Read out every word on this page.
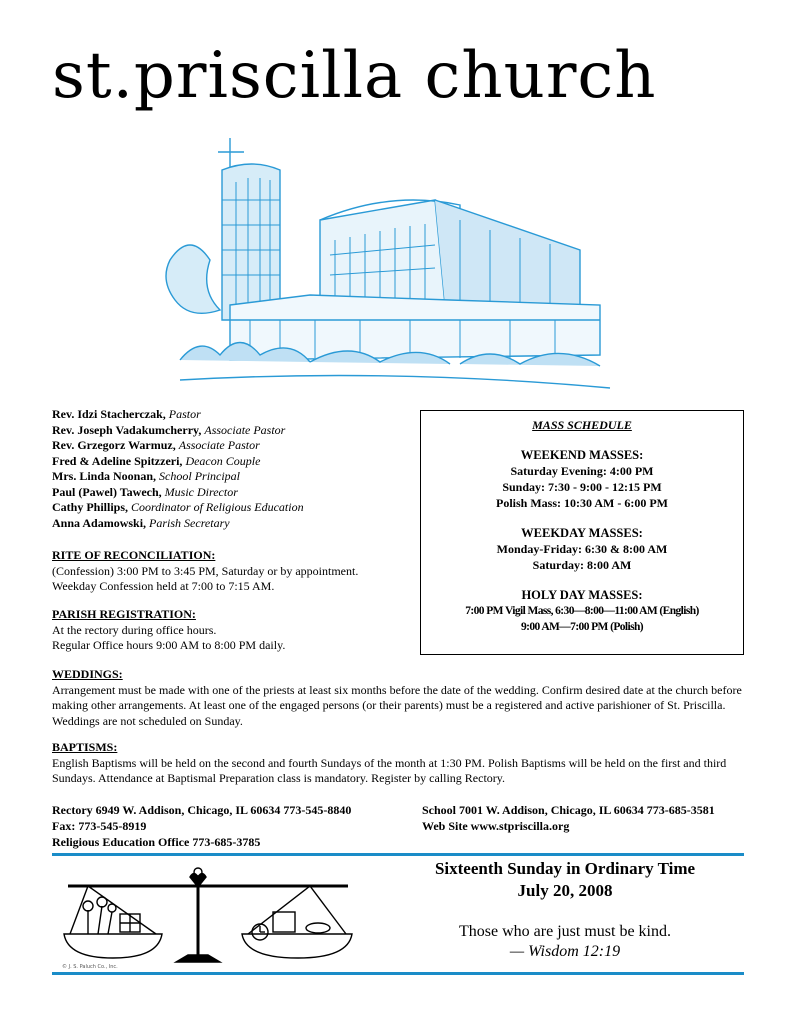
st.priscilla church
Rev. Idzi Stacherczak, Pastor
Rev. Joseph Vadakumcherry, Associate Pastor
Rev. Grzegorz Warmuz, Associate Pastor
Fred & Adeline Spitzzeri, Deacon Couple
Mrs. Linda Noonan, School Principal
Paul (Pawel) Tawech, Music Director
Cathy Phillips, Coordinator of Religious Education
Anna Adamowski, Parish Secretary
RITE OF RECONCILIATION:
(Confession) 3:00 PM to 3:45 PM, Saturday or by appointment.
Weekday Confession held at 7:00 to 7:15 AM.
PARISH REGISTRATION:
At the rectory during office hours.
Regular Office hours 9:00 AM to 8:00 PM daily.
MASS SCHEDULE
WEEKEND MASSES:
Saturday Evening: 4:00 PM
Sunday: 7:30 - 9:00 - 12:15 PM
Polish Mass: 10:30 AM - 6:00 PM
WEEKDAY MASSES:
Monday-Friday: 6:30 & 8:00 AM
Saturday: 8:00 AM
HOLY DAY MASSES:
7:00 PM Vigil Mass, 6:30—8:00—11:00 AM (English)
9:00 AM—7:00 PM (Polish)
WEDDINGS:
Arrangement must be made with one of the priests at least six months before the date of the wedding. Confirm desired date at the church before making other arrangements. At least one of the engaged persons (or their parents) must be a registered and active parishioner of St. Priscilla. Weddings are not scheduled on Sunday.
BAPTISMS:
English Baptisms will be held on the second and fourth Sundays of the month at 1:30 PM. Polish Baptisms will be held on the first and third Sundays. Attendance at Baptismal Preparation class is mandatory. Register by calling Rectory.
Rectory 6949 W. Addison, Chicago, IL 60634 773-545-8840
Fax: 773-545-8919
Religious Education Office 773-685-3785
School 7001 W. Addison, Chicago, IL 60634 773-685-3581
Web Site www.stpriscilla.org
© J. S. Paluch Co., Inc.
Sixteenth Sunday in Ordinary Time
July 20, 2008
Those who are just must be kind.
— Wisdom 12:19
